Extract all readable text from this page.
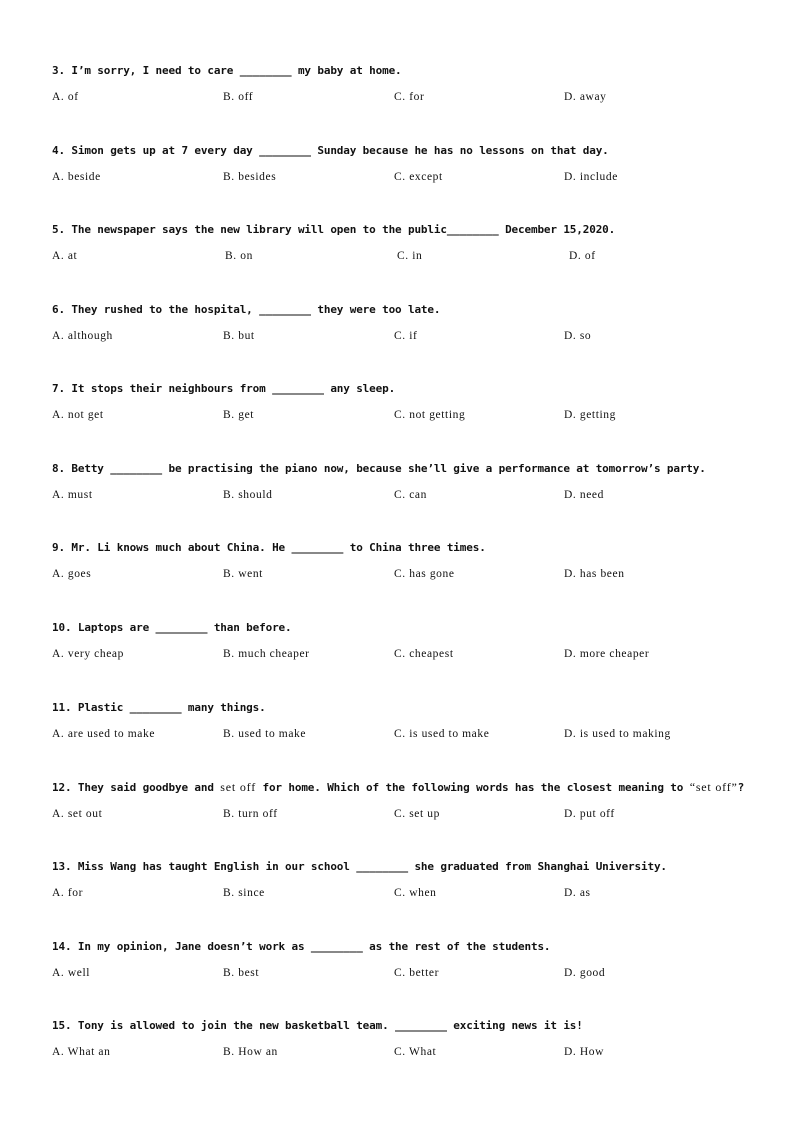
3. I’m sorry, I need to care ________ my baby at home.

A. of

	B. off

	C. for

	D. away

4. Simon gets up at 7 every day ________ Sunday because he has no lessons on that day.

A. beside

	B. besides

	C. except

	D. include

5. The newspaper says the new library will open to the public________ December 15,2020.

A. at

	B. on

	C. in

	D. of

6. They rushed to the hospital, ________ they were too late.

A. although

	B. but

	C. if

	D. so

7. It stops their neighbours from ________ any sleep.

A. not get

	B. get

	C. not getting

	D. getting

8. Betty ________ be practising the piano now, because she’ll give a performance at tomorrow’s party.

A. must

	B. should

	C. can

	D. need

9. Mr. Li knows much about China. He ________ to China three times.

A. goes

	B. went

	C. has gone

	D. has been

10. Laptops are ________ than before.

A. very cheap

	B. much cheaper

	C. cheapest

	D. more cheaper

11. Plastic ________ many things.

A. are used to make

	B. used to make

	C. is used to make

	D. is used to making

12. They said goodbye and set off for home. Which of the following words has the closest meaning to “set off”?

A. set out

	B. turn off

	C. set up

	D. put off

13. Miss Wang has taught English in our school ________ she graduated from Shanghai University.

A. for

	B. since

	C. when

	D. as

14. In my opinion, Jane doesn’t work as ________ as the rest of the students.

A. well

	B. best

	C. better

	D. good

15. Tony is allowed to join the new basketball team. ________ exciting news it is!

A. What an

	B. How an

	C. What

	D. How
